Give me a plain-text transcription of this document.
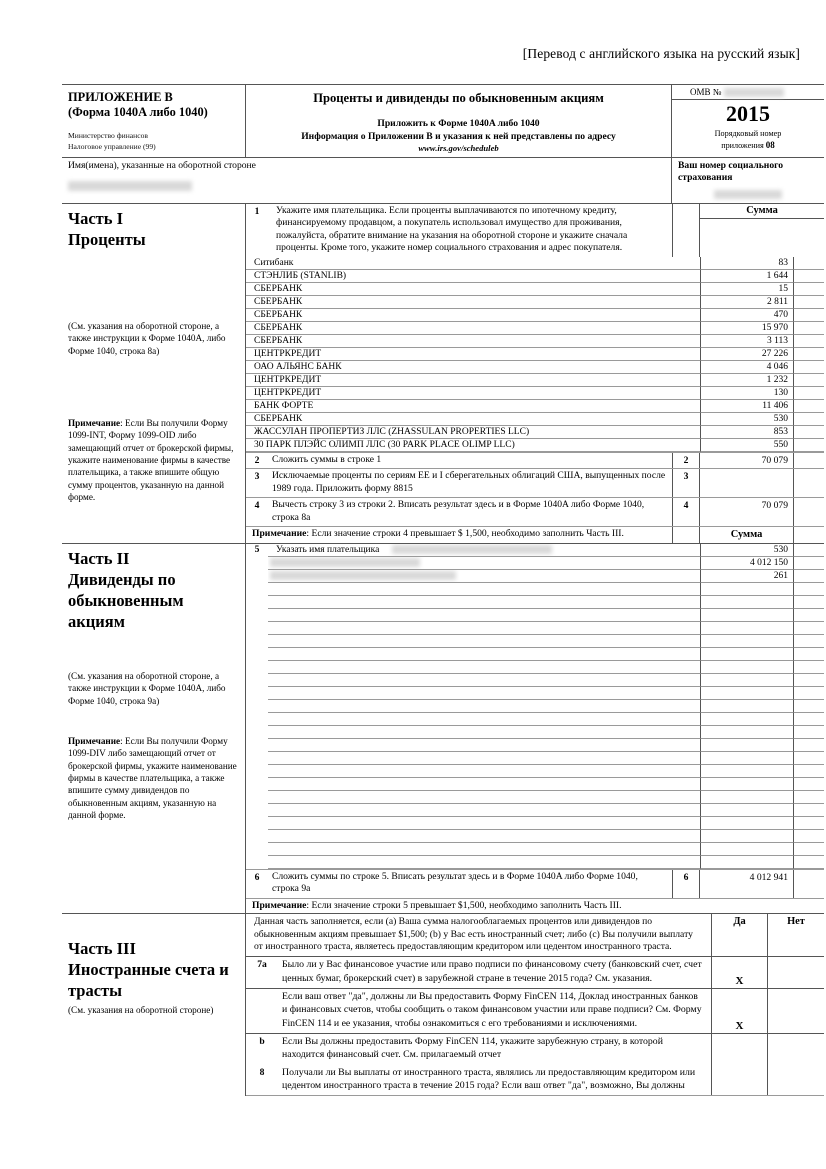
[Перевод с английского языка на русский язык]
ПРИЛОЖЕНИЕ В
(Форма 1040A либо 1040)
Министерство финансов
Налоговое управление (99)
Проценты и дивиденды по обыкновенным акциям
Приложить к Форме 1040A либо 1040
Информация о Приложении В и указания к ней представлены по адресу
www.irs.gov/scheduleb
OMB №
2015
Порядковый номер
приложения 08
Имя(имена), указанные на оборотной стороне	Ваш номер социального страхования
Часть I
Проценты
(См. указания на оборотной стороне, а также инструкции к Форме 1040A, либо Форме 1040, строка 8a)
Примечание: Если Вы получили Форму 1099-INT, Форму 1099-OID либо замещающий отчет от брокерской фирмы, укажите наименование фирмы в качестве плательщика, а также впишите общую сумму процентов, указанную на данной форме.
1	Укажите имя плательщика. Если проценты выплачиваются по ипотечному кредиту, финансируемому продавцом, а покупатель использовал имущество для проживания, пожалуйста, обратите внимание на указания на оборотной стороне и укажите сначала проценты. Кроме того, укажите номер социального страхования и адрес покупателя.
Сумма
Ситибанк	83
СТЭНЛИБ (STANLIB)	1 644
СБЕРБАНК	15
СБЕРБАНК	2 811
СБЕРБАНК	470
СБЕРБАНК	15 970
СБЕРБАНК	3 113
ЦЕНТРКРЕДИТ	27 226
ОАО АЛЬЯНС БАНК	4 046
ЦЕНТРКРЕДИТ	1 232
ЦЕНТРКРЕДИТ	130
БАНК ФОРТЕ	11 406
СБЕРБАНК	530
ЖАССУЛАН ПРОПЕРТИЗ ЛЛС (ZHASSULAN PROPERTIES LLC)	853
30 ПАРК ПЛЭЙС ОЛИМП ЛЛС (30 PARK PLACE OLIMP LLC)	550
2	Сложить суммы в строке 1	2	70 079
3	Исключаемые проценты по сериям ЕЕ и I сберегательных облигаций США, выпущенных после 1989 года. Приложить форму 8815
3
4	Вычесть строку 3 из строки 2. Вписать результат здесь и в Форме 1040A либо Форме 1040, строка 8a
4	70 079
Примечание: Если значение строки 4 превышает $ 1,500, необходимо заполнить Часть III.	Сумма
Часть II
Дивиденды по обыкновенным акциям
(См. указания на оборотной стороне, а также инструкции к Форме 1040A, либо Форме 1040, строка 9a)
Примечание: Если Вы получили Форму 1099-DIV либо замещающий отчет от брокерской фирмы, укажите наименование фирмы в качестве плательщика, а также впишите сумму дивидендов по обыкновенным акциям, указанную на данной форме.
5	Указать имя плательщика	530
4 012 150
261
6	Сложить суммы по строке 5. Вписать результат здесь и в Форме 1040A либо Форме 1040, строка 9a
6	4 012 941
Примечание: Если значение строки 5 превышает $1,500, необходимо заполнить Часть III.
Часть III
Иностранные счета и трасты
(См. указания на оборотной стороне)
Данная часть заполняется, если (a) Ваша сумма налогооблагаемых процентов или дивидендов по обыкновенным акциям превышает $1,500; (b) у Вас есть иностранный счет; либо (c) Вы получили выплату от иностранного траста, являетесь предоставляющим кредитором или цедентом иностранного траста.
Да	Нет
7a	Было ли у Вас финансовое участие или право подписи по финансовому счету (банковский счет, счет ценных бумаг, брокерский счет) в зарубежной стране в течение 2015 года? См. указания.	X
Если ваш ответ "да", должны ли Вы предоставить Форму FinCEN 114, Доклад иностранных банков и финансовых счетов, чтобы сообщить о таком финансовом участии или праве подписи? См. Форму FinCEN 114 и ее указания, чтобы ознакомиться с его требованиями и исключениями.	X
b	Если Вы должны предоставить Форму FinCEN 114, укажите зарубежную страну, в которой находится финансовый счет. См. прилагаемый отчет
8	Получали ли Вы выплаты от иностранного траста, являлись ли предоставляющим кредитором или цедентом иностранного траста в течение 2015 года? Если ваш ответ "да", возможно, Вы должны
